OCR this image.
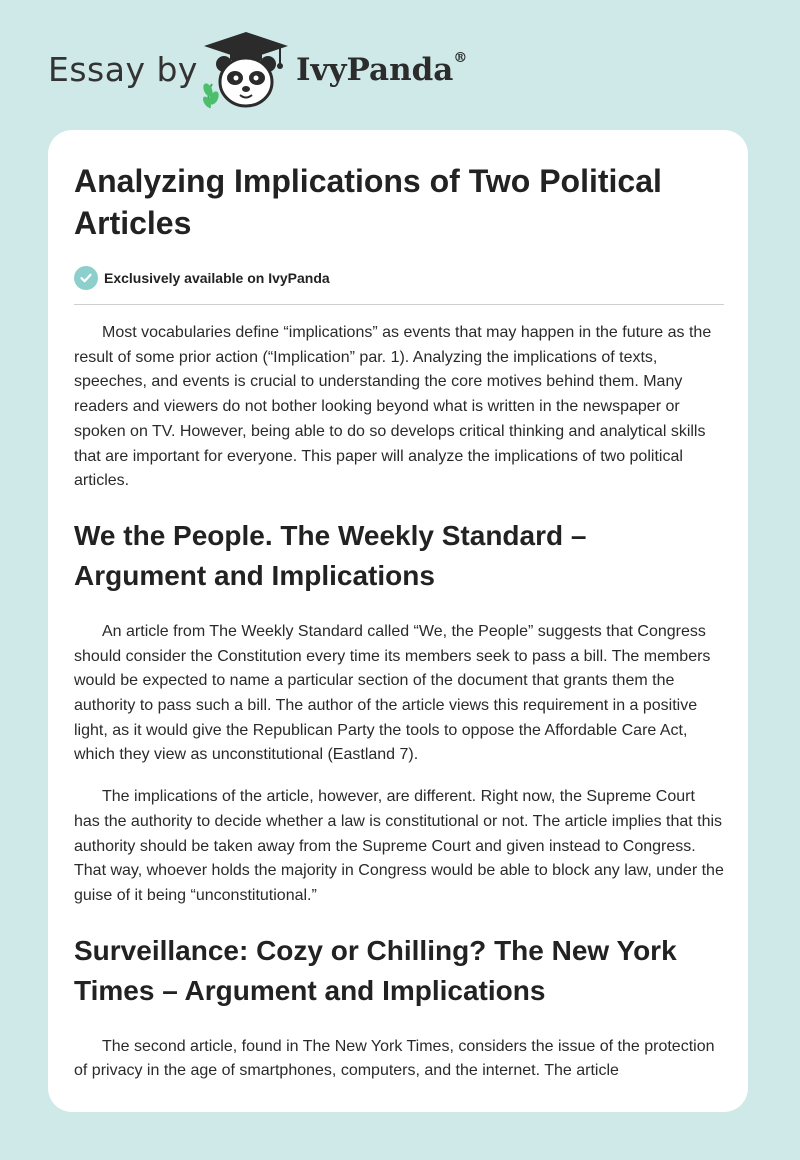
Essay by	IvyPanda®
Analyzing Implications of Two Political Articles
Exclusively available on IvyPanda

Most vocabularies define “implications” as events that may happen in the future as the result of some prior action (“Implication” par. 1). Analyzing the implications of texts, speeches, and events is crucial to understanding the core motives behind them. Many readers and viewers do not bother looking beyond what is written in the newspaper or spoken on TV. However, being able to do so develops critical thinking and analytical skills that are important for everyone. This paper will analyze the implications of two political articles.

We the People. The Weekly Standard – Argument and Implications

An article from The Weekly Standard called “We, the People” suggests that Congress should consider the Constitution every time its members seek to pass a bill. The members would be expected to name a particular section of the document that grants them the authority to pass such a bill. The author of the article views this requirement in a positive light, as it would give the Republican Party the tools to oppose the Affordable Care Act, which they view as unconstitutional (Eastland 7).

The implications of the article, however, are different. Right now, the Supreme Court has the authority to decide whether a law is constitutional or not. The article implies that this authority should be taken away from the Supreme Court and given instead to Congress. That way, whoever holds the majority in Congress would be able to block any law, under the guise of it being “unconstitutional.”

Surveillance: Cozy or Chilling? The New York Times – Argument and Implications

The second article, found in The New York Times, considers the issue of the protection of privacy in the age of smartphones, computers, and the internet. The article
